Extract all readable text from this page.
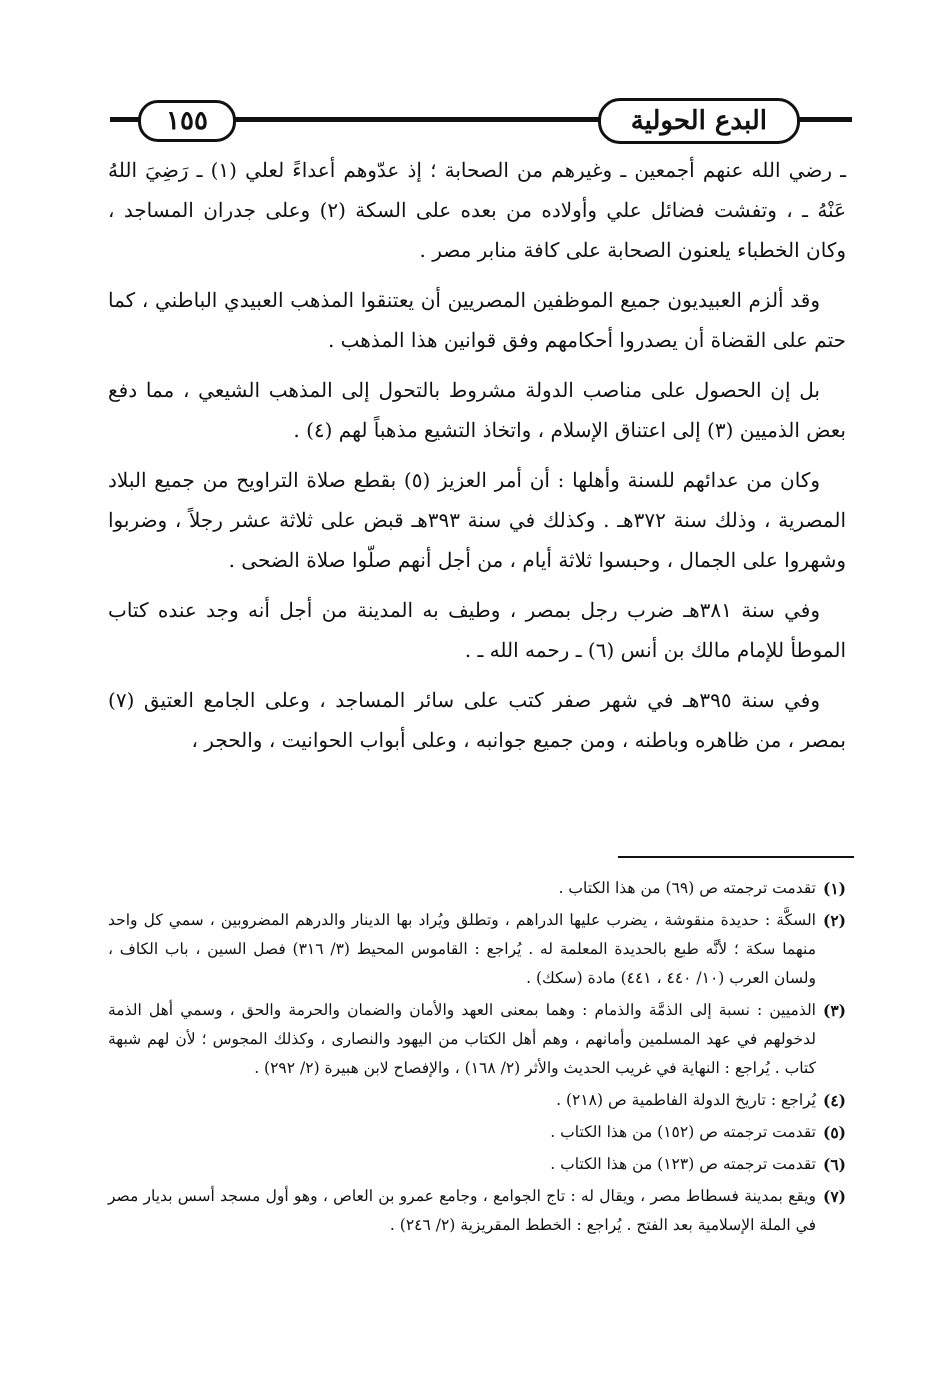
البدع الحولية
١٥٥

ـ رضي الله عنهم أجمعين ـ وغيرهم من الصحابة ؛ إذ عدّوهم أعداءً لعلي (١) ـ رَضِيَ اللهُ عَنْهُ ـ ، وتفشت فضائل علي وأولاده من بعده على السكة (٢) وعلى جدران المساجد ، وكان الخطباء يلعنون الصحابة على كافة منابر مصر .

وقد ألزم العبيديون جميع الموظفين المصريين أن يعتنقوا المذهب العبيدي الباطني ، كما حتم على القضاة أن يصدروا أحكامهم وفق قوانين هذا المذهب .

بل إن الحصول على مناصب الدولة مشروط بالتحول إلى المذهب الشيعي ، مما دفع بعض الذميين (٣) إلى اعتناق الإسلام ، واتخاذ التشيع مذهباً لهم (٤) .

وكان من عدائهم للسنة وأهلها : أن أمر العزيز (٥) بقطع صلاة التراويح من جميع البلاد المصرية ، وذلك سنة ٣٧٢هـ . وكذلك في سنة ٣٩٣هـ قبض على ثلاثة عشر رجلاً ، وضربوا وشهروا على الجمال ، وحبسوا ثلاثة أيام ، من أجل أنهم صلّوا صلاة الضحى .

وفي سنة ٣٨١هـ ضرب رجل بمصر ، وطيف به المدينة من أجل أنه وجد عنده كتاب الموطأ للإمام مالك بن أنس (٦) ـ رحمه الله ـ .

وفي سنة ٣٩٥هـ في شهر صفر كتب على سائر المساجد ، وعلى الجامع العتيق (٧) بمصر ، من ظاهره وباطنه ، ومن جميع جوانبه ، وعلى أبواب الحوانيت ، والحجر ،

(١)
تقدمت ترجمته ص (٦٩) من هذا الكتاب .
(٢)
السكَّة : حديدة منقوشة ، يضرب عليها الدراهم ، وتطلق ويُراد بها الدينار والدرهم المضروبين ، سمي كل واحد منهما سكة ؛ لأنَّه طبع بالحديدة المعلمة له . يُراجع : القاموس المحيط (٣/ ٣١٦) فصل السين ، باب الكاف ، ولسان العرب (١٠/ ٤٤٠ ، ٤٤١) مادة (سكك) .
(٣)
الذميين : نسبة إلى الذمَّة والذمام : وهما بمعنى العهد والأمان والضمان والحرمة والحق ، وسمي أهل الذمة لدخولهم في عهد المسلمين وأمانهم ، وهم أهل الكتاب من اليهود والنصارى ، وكذلك المجوس ؛ لأن لهم شبهة كتاب . يُراجع : النهاية في غريب الحديث والأثر (٢/ ١٦٨) ، والإفصاح لابن هبيرة (٢/ ٢٩٢) .
(٤)
يُراجع : تاريخ الدولة الفاطمية ص (٢١٨) .
(٥)
تقدمت ترجمته ص (١٥٢) من هذا الكتاب .
(٦)
تقدمت ترجمته ص (١٢٣) من هذا الكتاب .
(٧)
ويقع بمدينة فسطاط مصر ، ويقال له : تاج الجوامع ، وجامع عمرو بن العاص ، وهو أول مسجد أسس بديار مصر في الملة الإسلامية بعد الفتح . يُراجع : الخطط المقريزية (٢/ ٢٤٦) .
